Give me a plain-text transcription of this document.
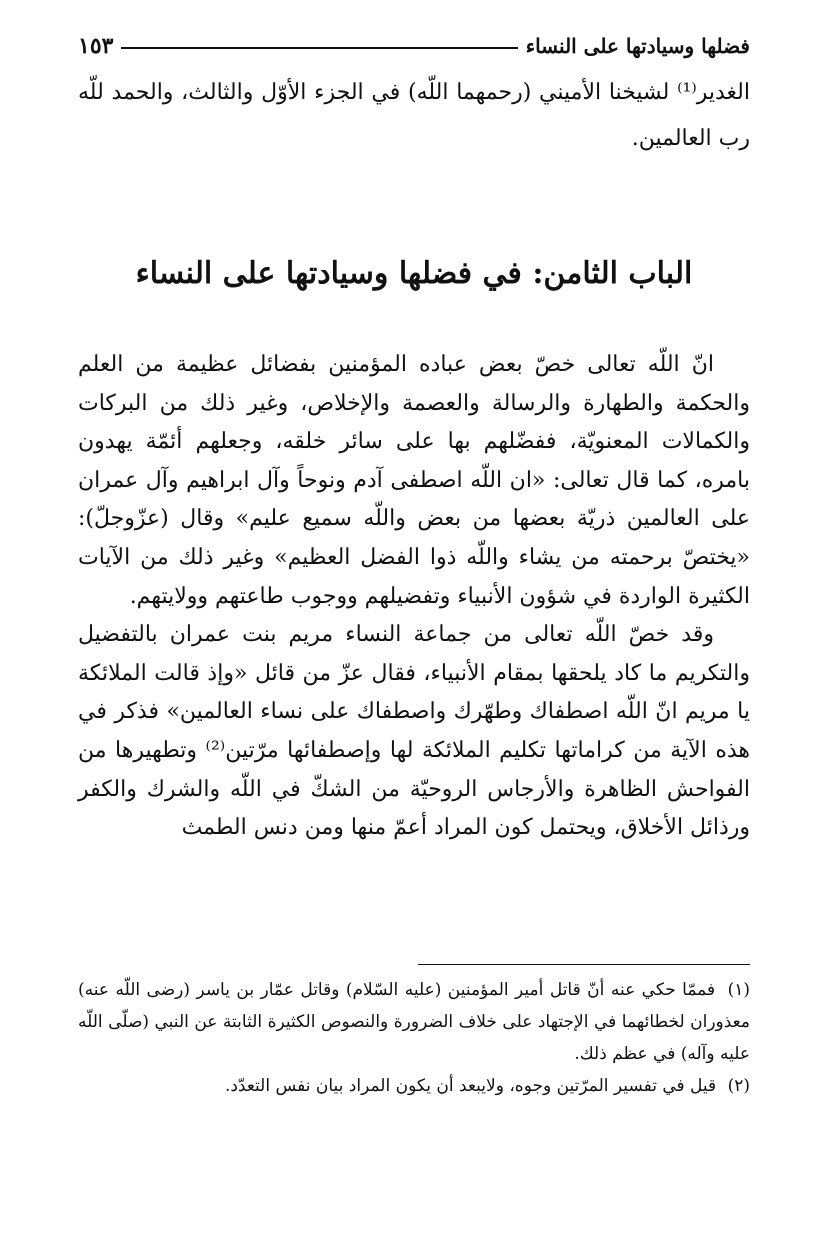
فضلها وسيادتها على النساء
١٥٣
الغدير⁽¹⁾ لشيخنا الأميني (رحمهما اللّه) في الجزء الأوّل والثالث، والحمد للّه رب العالمين.
الباب الثامن: في فضلها وسيادتها على النساء

انّ اللّه تعالى خصّ بعض عباده المؤمنين بفضائل عظيمة من العلم والحكمة والطهارة والرسالة والعصمة والإخلاص، وغير ذلك من البركات والكمالات المعنويّة، ففضّلهم بها على سائر خلقه، وجعلهم أئمّة يهدون بامره، كما قال تعالى: «ان اللّه اصطفى آدم ونوحاً وآل ابراهيم وآل عمران على العالمين ذريّة بعضها من بعض واللّه سميع عليم» وقال (عزّوجلّ): «يختصّ برحمته من يشاء واللّه ذوا الفضل العظيم» وغير ذلك من الآيات الكثيرة الواردة في شؤون الأنبياء وتفضيلهم ووجوب طاعتهم وولايتهم.

وقد خصّ اللّه تعالى من جماعة النساء مريم بنت عمران بالتفضيل والتكريم ما كاد يلحقها بمقام الأنبياء، فقال عزّ من قائل «وإذ قالت الملائكة يا مريم انّ اللّه اصطفاك وطهّرك واصطفاك على نساء العالمين» فذكر في هذه الآية من كراماتها تكليم الملائكة لها وإصطفائها مرّتين⁽²⁾ وتطهيرها من الفواحش الظاهرة والأرجاس الروحيّة من الشكّ في اللّه والشرك والكفر ورذائل الأخلاق، ويحتمل كون المراد أعمّ منها ومن دنس الطمث

(١) فممّا حكي عنه أنّ قاتل أمير المؤمنين (عليه السّلام) وقاتل عمّار بن ياسر (رضى اللّه عنه) معذوران لخطائهما في الإجتهاد على خلاف الضرورة والنصوص الكثيرة الثابتة عن النبي (صلّى اللّه عليه وآله) في عظم ذلك.

(٢) قيل في تفسير المرّتين وجوه، ولايبعد أن يكون المراد بيان نفس التعدّد.
